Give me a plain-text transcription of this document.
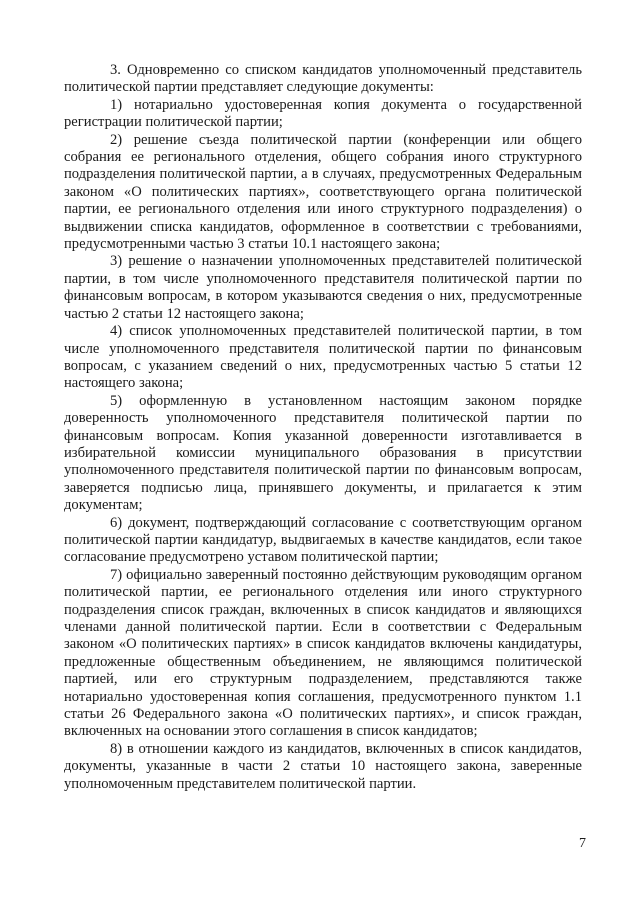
3. Одновременно со списком кандидатов уполномоченный представитель политической партии представляет следующие документы:

1) нотариально удостоверенная копия документа о государственной регистрации политической партии;

2) решение съезда политической партии (конференции или общего собрания ее регионального отделения, общего собрания иного структурного подразделения политической партии, а в случаях, предусмотренных Федеральным законом «О политических партиях», соответствующего органа политической партии, ее регионального отделения или иного структурного подразделения) о выдвижении списка кандидатов, оформленное в соответствии с требованиями, предусмотренными частью 3 статьи 10.1 настоящего закона;

3) решение о назначении уполномоченных представителей политической партии, в том числе уполномоченного представителя политической партии по финансовым вопросам, в котором указываются сведения о них, предусмотренные частью 2 статьи 12 настоящего закона;

4) список уполномоченных представителей политической партии, в том числе уполномоченного представителя политической партии по финансовым вопросам, с указанием сведений о них, предусмотренных частью 5 статьи 12 настоящего закона;

5) оформленную в установленном настоящим законом порядке доверенность уполномоченного представителя политической партии по финансовым вопросам. Копия указанной доверенности изготавливается в избирательной комиссии муниципального образования в присутствии уполномоченного представителя политической партии по финансовым вопросам, заверяется подписью лица, принявшего документы, и прилагается к этим документам;

6) документ, подтверждающий согласование с соответствующим органом политической партии кандидатур, выдвигаемых в качестве кандидатов, если такое согласование предусмотрено уставом политической партии;

7) официально заверенный постоянно действующим руководящим органом политической партии, ее регионального отделения или иного структурного подразделения список граждан, включенных в список кандидатов и являющихся членами данной политической партии. Если в соответствии с Федеральным законом «О политических партиях» в список кандидатов включены кандидатуры, предложенные общественным объединением, не являющимся политической партией, или его структурным подразделением, представляются также нотариально удостоверенная копия соглашения, предусмотренного пунктом 1.1 статьи 26 Федерального закона «О политических партиях», и список граждан, включенных на основании этого соглашения в список кандидатов;

8) в отношении каждого из кандидатов, включенных в список кандидатов, документы, указанные в части 2 статьи 10 настоящего закона, заверенные уполномоченным представителем политической партии.

7
